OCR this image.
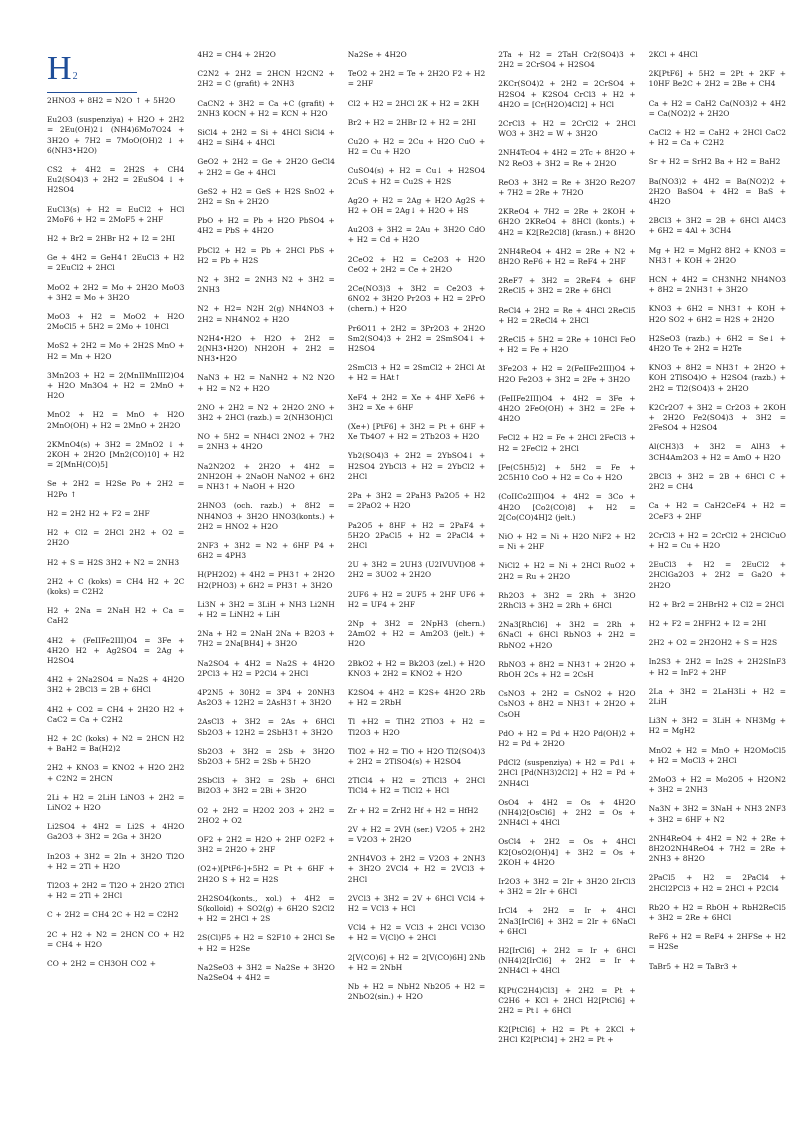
H2

2HNO3 + 8H2 = N2O ↑ + 5H2O

Eu2O3 (suspenziya) + H2O + 2H2 = 2Eu(OH)2↓ (NH4)6Mo7O24 + 3H2O + 7H2 = 7MoO(OH)2 ↓ + 6(NH3•H2O)

CS2 + 4H2 = 2H2S + CH4 Eu2(SO4)3 + 2H2 = 2EuSO4 ↓ + H2SO4

EuCl3(s) + H2 = EuCl2 + HCl 2MoF6 + H2 = 2MoF5 + 2HF

H2 + Br2 = 2HBr H2 + I2 = 2HI

Ge + 4H2 = GeH4↑ 2EuCl3 + H2 = 2EuCl2 + 2HCl

MoO2 + 2H2 = Mo + 2H2O MoO3 + 3H2 = Mo + 3H2O

MoO3 + H2 = MoO2 + H2O 2MoCl5 + 5H2 = 2Mo + 10HCl

MoS2 + 2H2 = Mo + 2H2S MnO + H2 = Mn + H2O

3Mn2O3 + H2 = 2(MnIIMnIII2)O4 + H2O Mn3O4 + H2 = 2MnO + H2O

MnO2 + H2 = MnO + H2O 2MnO(OH) + H2 = 2MnO + 2H2O

2KMnO4(s) + 3H2 = 2MnO2 ↓ + 2KOH + 2H2O [Mn2(CO)10] + H2 = 2[MnH(CO)5]

Se + 2H2 = H2Se Po + 2H2 = H2Po ↑

H2 = 2H2 H2 + F2 = 2HF

H2 + Cl2 = 2HCl 2H2 + O2 = 2H2O

H2 + S = H2S 3H2 + N2 = 2NH3

2H2 + C (koks) = CH4 H2 + 2C (koks) = C2H2

H2 + 2Na = 2NaH H2 + Ca = CaH2

4H2 + (FeIIFe2III)O4 = 3Fe + 4H2O H2 + Ag2SO4 = 2Ag + H2SO4

4H2 + 2Na2SO4 = Na2S + 4H2O 3H2 + 2BCl3 = 2B + 6HCl

4H2 + CO2 = CH4 + 2H2O H2 + CaC2 = Ca + C2H2

H2 + 2C (koks) + N2 = 2HCN H2 + BaH2 = Ba(H2)2

2H2 + KNO3 = KNO2 + H2O 2H2 + C2N2 = 2HCN

2Li + H2 = 2LiH LiNO3 + 2H2 = LiNO2 + H2O

Li2SO4 + 4H2 = Li2S + 4H2O Ga2O3 + 3H2 = 2Ga + 3H2O

In2O3 + 3H2 = 2In + 3H2O Tl2O + H2 = 2Tl + H2O

Tl2O3 + 2H2 = Tl2O + 2H2O 2TlCl + H2 = 2Tl + 2HCl

C + 2H2 = CH4 2C + H2 = C2H2

2C + H2 + N2 = 2HCN CO + H2 = CH4 + H2O

CO + 2H2 = CH3OH CO2 +

4H2 = CH4 + 2H2O

C2N2 + 2H2 = 2HCN H2CN2 + 2H2 = C (grafit) + 2NH3

CaCN2 + 3H2 = Ca +C (grafit) + 2NH3 KOCN + H2 = KCN + H2O

SiCl4 + 2H2 = Si + 4HCl SiCl4 + 4H2 = SiH4 + 4HCl

GeO2 + 2H2 = Ge + 2H2O GeCl4 + 2H2 = Ge + 4HCl

GeS2 + H2 = GeS + H2S SnO2 + 2H2 = Sn + 2H2O

PbO + H2 = Pb + H2O PbSO4 + 4H2 = PbS + 4H2O

PbCl2 + H2 = Pb + 2HCl PbS + H2 = Pb + H2S

N2 + 3H2 = 2NH3 N2 + 3H2 = 2NH3

N2 + H2= N2H 2(g) NH4NO3 + 2H2 = NH4NO2 + H2O

N2H4•H2O + H2O + 2H2 = 2(NH3•H2O) NH2OH + 2H2 = NH3•H2O

NaN3 + H2 = NaNH2 + N2 N2O + H2 = N2 + H2O

2NO + 2H2 = N2 + 2H2O 2NO + 3H2 + 2HCl (razb.) = 2(NH3OH)Cl

NO + 5H2 = NH4Cl 2NO2 + 7H2 = 2NH3 + 4H2O

Na2N2O2 + 2H2O + 4H2 = 2NH2OH + 2NaOH NaNO2 + 6H2 = NH3↑ + NaOH + H2O

2HNO3 (och. razb.) + 8H2 = NH4NO3 + 3H2O HNO3(konts.) + 2H2 = HNO2 + H2O

2NF3 + 3H2 = N2 + 6HF P4 + 6H2 = 4PH3

H(PH2O2) + 4H2 = PH3↑ + 2H2O H2(PHO3) + 6H2 = PH3↑ + 3H2O

Li3N + 3H2 = 3LiH + NH3 Li2NH + H2 = LiNH2 + LiH

2Na + H2 = 2NaH 2Na + B2O3 + 7H2 = 2Na[BH4] + 3H2O

Na2SO4 + 4H2 = Na2S + 4H2O 2PCl3 + H2 = P2Cl4 + 2HCl

4P2N5 + 30H2 = 3P4 + 20NH3 As2O3 + 12H2 = 2AsH3↑ + 3H2O

2AsCl3 + 3H2 = 2As + 6HCl Sb2O3 + 12H2 = 2SbH3↑ + 3H2O

Sb2O3 + 3H2 = 2Sb + 3H2O Sb2O3 + 5H2 = 2Sb + 5H2O

2SbCl3 + 3H2 = 2Sb + 6HCl Bi2O3 + 3H2 = 2Bi + 3H2O

O2 + 2H2 = H2O2 2O3 + 2H2 = 2HO2 + O2

OF2 + 2H2 = H2O + 2HF O2F2 + 3H2 = 2H2O + 2HF

(O2+)[PtF6-]+5H2 = Pt + 6HF + 2H2O S + H2 = H2S

2H2SO4(konts., xol.) + 4H2 = S(kolloid) + SO2(g) + 6H2O S2Cl2 + H2 = 2HCl + 2S

2S(Cl)F5 + H2 = S2F10 + 2HCl Se + H2 = H2Se

Na2SeO3 + 3H2 = Na2Se + 3H2O Na2SeO4 + 4H2 =

Na2Se + 4H2O

TeO2 + 2H2 = Te + 2H2O F2 + H2 = 2HF

Cl2 + H2 = 2HCl 2K + H2 = 2KH

Br2 + H2 = 2HBr I2 + H2 = 2HI

Cu2O + H2 = 2Cu + H2O CuO + H2 = Cu + H2O

CuSO4(s) + H2 = Cu↓ + H2SO4 2CuS + H2 = Cu2S + H2S

Ag2O + H2 = 2Ag + H2O Ag2S + H2 + OH = 2Ag↓ + H2O + HS

Au2O3 + 3H2 = 2Au + 3H2O CdO + H2 = Cd + H2O

2CeO2 + H2 = Ce2O3 + H2O CeO2 + 2H2 = Ce + 2H2O

2Ce(NO3)3 + 3H2 = Ce2O3 + 6NO2 + 3H2O Pr2O3 + H2 = 2PrO (chern.) + H2O

Pr6O11 + 2H2 = 3Pr2O3 + 2H2O Sm2(SO4)3 + 2H2 = 2SmSO4↓ + H2SO4

2SmCl3 + H2 = 2SmCl2 + 2HCl At + H2 = HAt↑

XeF4 + 2H2 = Xe + 4HF XeF6 + 3H2 = Xe + 6HF

(Xe+) [PtF6] + 3H2 = Pt + 6HF + Xe Tb4O7 + H2 = 2Tb2O3 + H2O

Yb2(SO4)3 + 2H2 = 2YbSO4↓ + H2SO4 2YbCl3 + H2 = 2YbCl2 + 2HCl

2Pa + 3H2 = 2PaH3 Pa2O5 + H2 = 2PaO2 + H2O

Pa2O5 + 8HF + H2 = 2PaF4 + 5H2O 2PaCl5 + H2 = 2PaCl4 + 2HCl

2U + 3H2 = 2UH3 (U2IVUVI)O8 + 2H2 = 3UO2 + 2H2O

2UF6 + H2 = 2UF5 + 2HF UF6 + H2 = UF4 + 2HF

2Np + 3H2 = 2NpH3 (chern.) 2AmO2 + H2 = Am2O3 (jelt.) + H2O

2BkO2 + H2 = Bk2O3 (zel.) + H2O KNO3 + 2H2 = KNO2 + H2O

K2SO4 + 4H2 = K2S+ 4H2O 2Rb + H2 = 2RbH

Tl +H2 = TlH2 2TlO3 + H2 = Tl2O3 + H2O

TlO2 + H2 = TlO + H2O Tl2(SO4)3 + 2H2 = 2TlSO4(s) + H2SO4

2TlCl4 + H2 = 2TlCl3 + 2HCl TlCl4 + H2 = TlCl2 + HCl

Zr + H2 = ZrH2 Hf + H2 = HfH2

2V + H2 = 2VH (ser.) V2O5 + 2H2 = V2O3 + 2H2O

2NH4VO3 + 2H2 = V2O3 + 2NH3 + 3H2O 2VCl4 + H2 = 2VCl3 + 2HCl

2VCl3 + 3H2 = 2V + 6HCl VCl4 + H2 = VCl3 + HCl

VCl4 + H2 = VCl3 + 2HCl VCl3O + H2 = V(Cl)O + 2HCl

2[V(CO)6] + H2 = 2[V(CO)6H] 2Nb + H2 = 2NbH

Nb + H2 = NbH2 Nb2O5 + H2 = 2NbO2(sin.) + H2O

2Ta + H2 = 2TaH Cr2(SO4)3 + 2H2 = 2CrSO4 + H2SO4

2KCr(SO4)2 + 2H2 = 2CrSO4 + H2SO4 + K2SO4 CrCl3 + H2 + 4H2O = [Cr(H2O)4Cl2] + HCl

2CrCl3 + H2 = 2CrCl2 + 2HCl WO3 + 3H2 = W + 3H2O

2NH4TcO4 + 4H2 = 2Tc + 8H2O + N2 ReO3 + 3H2 = Re + 2H2O

ReO3 + 3H2 = Re + 3H2O Re2O7 + 7H2 = 2Re + 7H2O

2KReO4 + 7H2 = 2Re + 2KOH + 6H2O 2KReO4 + 8HCl (konts.) + 4H2 = K2[Re2Cl8] (krasn.) + 8H2O

2NH4ReO4 + 4H2 = 2Re + N2 + 8H2O ReF6 + H2 = ReF4 + 2HF

2ReF7 + 3H2 = 2ReF4 + 6HF 2ReCl5 + 3H2 = 2Re + 6HCl

ReCl4 + 2H2 = Re + 4HCl 2ReCl5 + H2 = 2ReCl4 + 2HCl

2ReCl5 + 5H2 = 2Re + 10HCl FeO + H2 = Fe + H2O

3Fe2O3 + H2 = 2(FeIIFe2III)O4 + H2O Fe2O3 + 3H2 = 2Fe + 3H2O

(FeIIFe2III)O4 + 4H2 = 3Fe + 4H2O 2FeO(OH) + 3H2 = 2Fe + 4H2O

FeCl2 + H2 = Fe + 2HCl 2FeCl3 + H2 = 2FeCl2 + 2HCl

[Fe(C5H5)2] + 5H2 = Fe + 2C5H10 CoO + H2 = Co + H2O

(CoIICo2III)O4 + 4H2 = 3Co + 4H2O [Co2(CO)8] + H2 = 2[Co(CO)4H]2 (jelt.)

NiO + H2 = Ni + H2O NiF2 + H2 = Ni + 2HF

NiCl2 + H2 = Ni + 2HCl RuO2 + 2H2 = Ru + 2H2O

Rh2O3 + 3H2 = 2Rh + 3H2O 2RhCl3 + 3H2 = 2Rh + 6HCl

2Na3[RhCl6] + 3H2 = 2Rh + 6NaCl + 6HCl RbNO3 + 2H2 = RbNO2 +H2O

RbNO3 + 8H2 = NH3↑ + 2H2O + RbOH 2Cs + H2 = 2CsH

CsNO3 + 2H2 = CsNO2 + H2O CsNO3 + 8H2 = NH3↑ + 2H2O + CsOH

PdO + H2 = Pd + H2O Pd(OH)2 + H2 = Pd + 2H2O

PdCl2 (suspenziya) + H2 = Pd↓ + 2HCl [Pd(NH3)2Cl2] + H2 = Pd + 2NH4Cl

OsO4 + 4H2 = Os + 4H2O (NH4)2[OsCl6] + 2H2 = Os + 2NH4Cl + 4HCl

OsCl4 + 2H2 = Os + 4HCl K2[OsO2(OH)4] + 3H2 = Os + 2KOH + 4H2O

Ir2O3 + 3H2 = 2Ir + 3H2O 2IrCl3 + 3H2 = 2Ir + 6HCl

IrCl4 + 2H2 = Ir + 4HCl 2Na3[IrCl6] + 3H2 = 2Ir + 6NaCl + 6HCl

H2[IrCl6] + 2H2 = Ir + 6HCl (NH4)2[IrCl6] + 2H2 = Ir + 2NH4Cl + 4HCl

K[Pt(C2H4)Cl3] + 2H2 = Pt + C2H6 + KCl + 2HCl H2[PtCl6] + 2H2 = Pt↓ + 6HCl

K2[PtCl6] + H2 = Pt + 2KCl + 2HCl K2[PtCl4] + 2H2 = Pt +

2KCl + 4HCl

2K[PtF6] + 5H2 = 2Pt + 2KF + 10HF Be2C + 2H2 = 2Be + CH4

Ca + H2 = CaH2 Ca(NO3)2 + 4H2 = Ca(NO2)2 + 2H2O

CaCl2 + H2 = CaH2 + 2HCl CaC2 + H2 = Ca + C2H2

Sr + H2 = SrH2 Ba + H2 = BaH2

Ba(NO3)2 + 4H2 = Ba(NO2)2 + 2H2O BaSO4 + 4H2 = BaS + 4H2O

2BCl3 + 3H2 = 2B + 6HCl Al4C3 + 6H2 = 4Al + 3CH4

Mg + H2 = MgH2 8H2 + KNO3 = NH3↑ + KOH + 2H2O

HCN + 4H2 = CH3NH2 NH4NO3 + 8H2 = 2NH3↑ + 3H2O

KNO3 + 6H2 = NH3↑ + KOH + H2O SO2 + 6H2 = H2S + 2H2O

H2SeO3 (razb.) + 6H2 = Se↓ + 4H2O Te + 2H2 = H2Te

KNO3 + 8H2 = NH3↑ + 2H2O + KOH 2TlSO4)O + H2SO4 (razb.) + 2H2 = Tl2(SO4)3 + 2H2O

K2Cr2O7 + 3H2 = Cr2O3 + 2KOH + 2H2O Fe2(SO4)3 + 3H2 = 2FeSO4 + H2SO4

Al(CH3)3 + 3H2 = AlH3 + 3CH4Am2O3 + H2 = AmO + H2O

2BCl3 + 3H2 = 2B + 6HCl C + 2H2 = CH4

Ca + H2 = CaH2CeF4 + H2 = 2CeF3 + 2HF

2CrCl3 + H2 = 2CrCl2 + 2HClCuO + H2 = Cu + H2O

2EuCl3 + H2 = 2EuCl2 + 2HClGa2O3 + 2H2 = Ga2O + 2H2O

H2 + Br2 = 2HBrH2 + Cl2 = 2HCl

H2 + F2 = 2HFH2 + I2 = 2HI

2H2 + O2 = 2H2OH2 + S = H2S

In2S3 + 2H2 = In2S + 2H2SInF3 + H2 = InF2 + 2HF

2La + 3H2 = 2LaH3Li + H2 = 2LiH

Li3N + 3H2 = 3LiH + NH3Mg + H2 = MgH2

MnO2 + H2 = MnO + H2OMoCl5 + H2 = MoCl3 + 2HCl

2MoO3 + H2 = Mo2O5 + H2ON2 + 3H2 = 2NH3

Na3N + 3H2 = 3NaH + NH3 2NF3 + 3H2 = 6HF + N2

2NH4ReO4 + 4H2 = N2 + 2Re + 8H2O2NH4ReO4 + 7H2 = 2Re + 2NH3 + 8H2O

2PaCl5 + H2 = 2PaCl4 + 2HCl2PCl3 + H2 = 2HCl + P2Cl4

Rb2O + H2 = RbOH + RbH2ReCl5 + 3H2 = 2Re + 6HCl

ReF6 + H2 = ReF4 + 2HFSe + H2 = H2Se

TaBr5 + H2 = TaBr3 +
